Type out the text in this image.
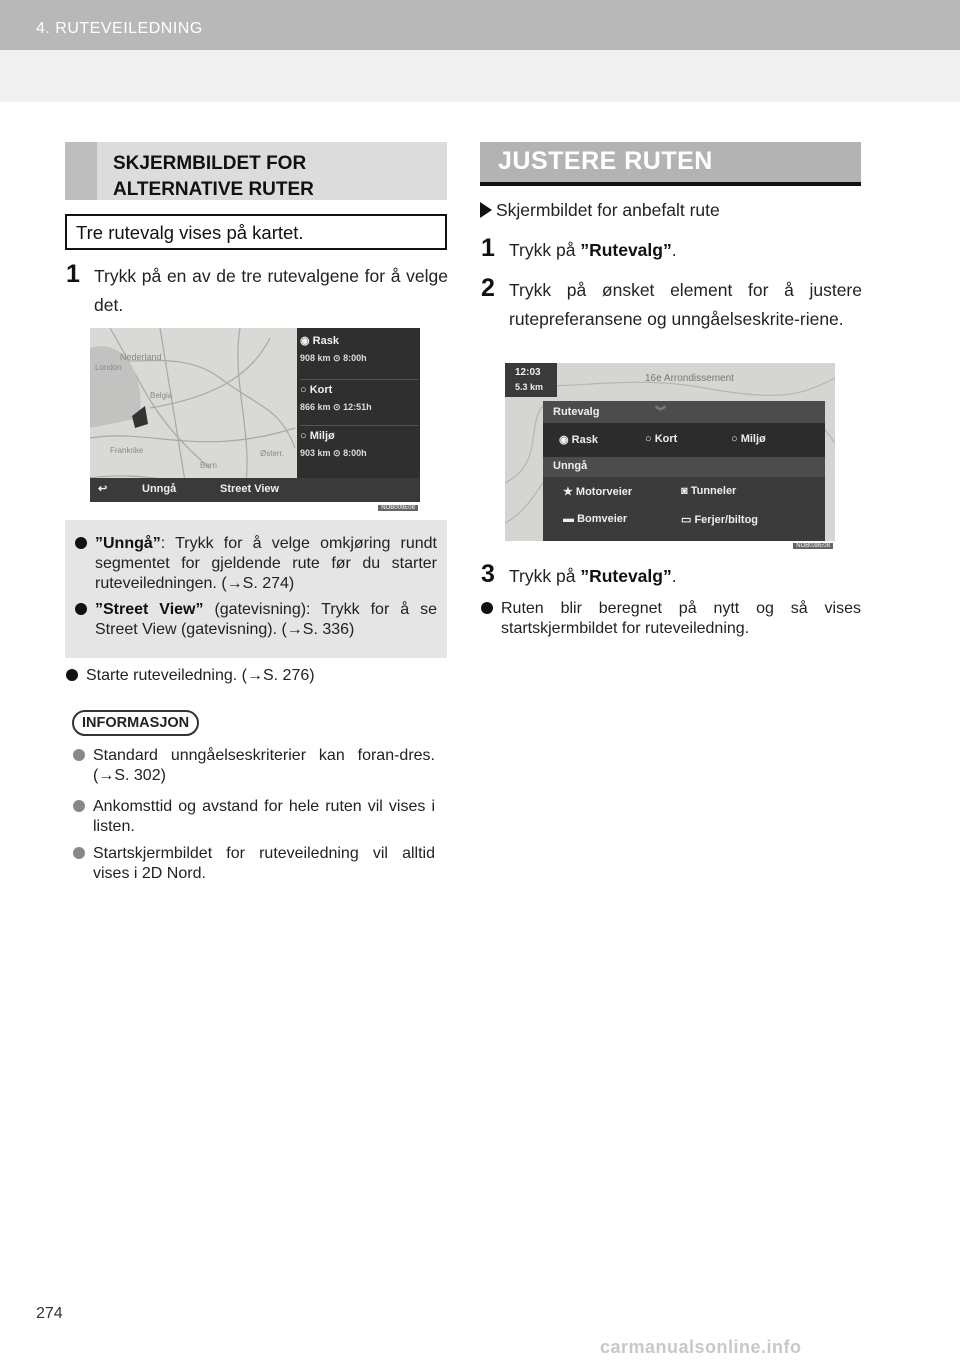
4. RUTEVEILEDNING
SKJERMBILDET FOR ALTERNATIVE RUTER
Tre rutevalg vises på kartet.
1 Trykk på en av de tre rutevalgene for å velge det.
Nederland
London
Belgia
Frankrike
Bern
Østerr.
◉ Rask
908 km ⊙ 8:00h
○ Kort
866 km ⊙ 12:51h
○ Miljø
903 km ⊙ 8:00h
↩	Unngå	Street View
NOB009E08
”Unngå”: Trykk for å velge omkjøring rundt segmentet for gjeldende rute før du starter ruteveiledningen. (→S. 274)
”Street View” (gatevisning): Trykk for å se Street View (gatevisning). (→S. 336)
Starte ruteveiledning. (→S. 276)
INFORMASJON
Standard unngåelseskriterier kan foran-dres. (→S. 302)
Ankomsttid og avstand for hele ruten vil vises i listen.
Startskjermbildet for ruteveiledning vil alltid vises i 2D Nord.
JUSTERE RUTEN
Skjermbildet for anbefalt rute
1 Trykk på ”Rutevalg”.
2 Trykk på ønsket element for å justere rutepreferansene og unngåelseskrite-riene.
12:03
5.3 km
16e Arrondissement
Rutevalg	︾
◉ Rask	○ Kort	○ Miljø
Unngå
★ Motorveier	◙ Tunneler
▬ Bomveier	▭ Ferjer/biltog
NOB038E08
3 Trykk på ”Rutevalg”.
Ruten blir beregnet på nytt og så vises startskjermbildet for ruteveiledning.
274
carmanualsonline.info
